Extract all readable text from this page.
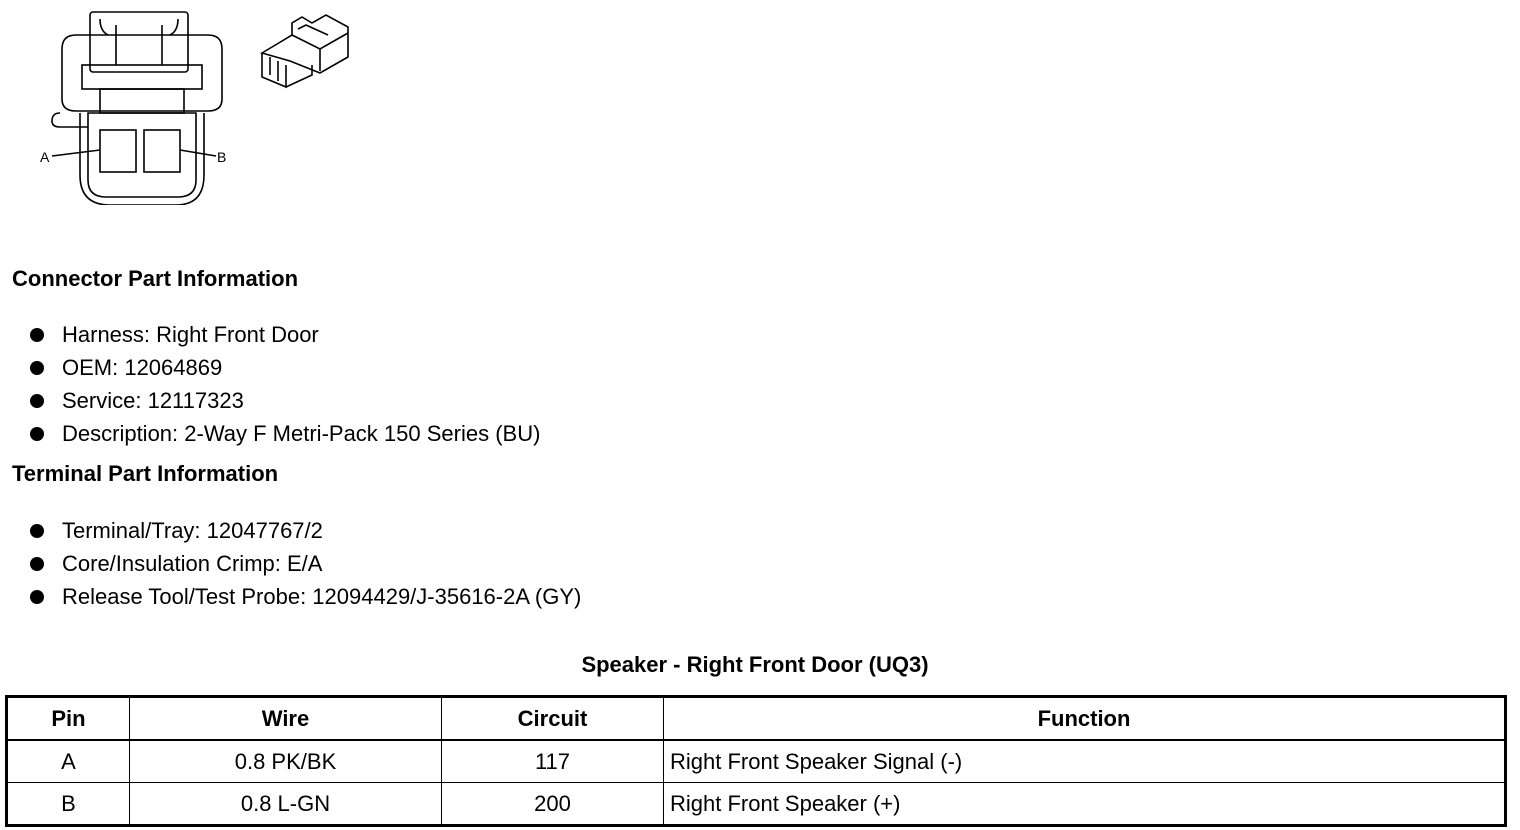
A	B
Connector Part Information
Harness: Right Front Door
OEM: 12064869
Service: 12117323
Description: 2-Way F Metri-Pack 150 Series (BU)
Terminal Part Information
Terminal/Tray: 12047767/2
Core/Insulation Crimp: E/A
Release Tool/Test Probe: 12094429/J-35616-2A (GY)
Speaker - Right Front Door (UQ3)
Pin	Wire	Circuit	Function
A	0.8 PK/BK	117	Right Front Speaker Signal (-)
B	0.8 L-GN	200	Right Front Speaker (+)
